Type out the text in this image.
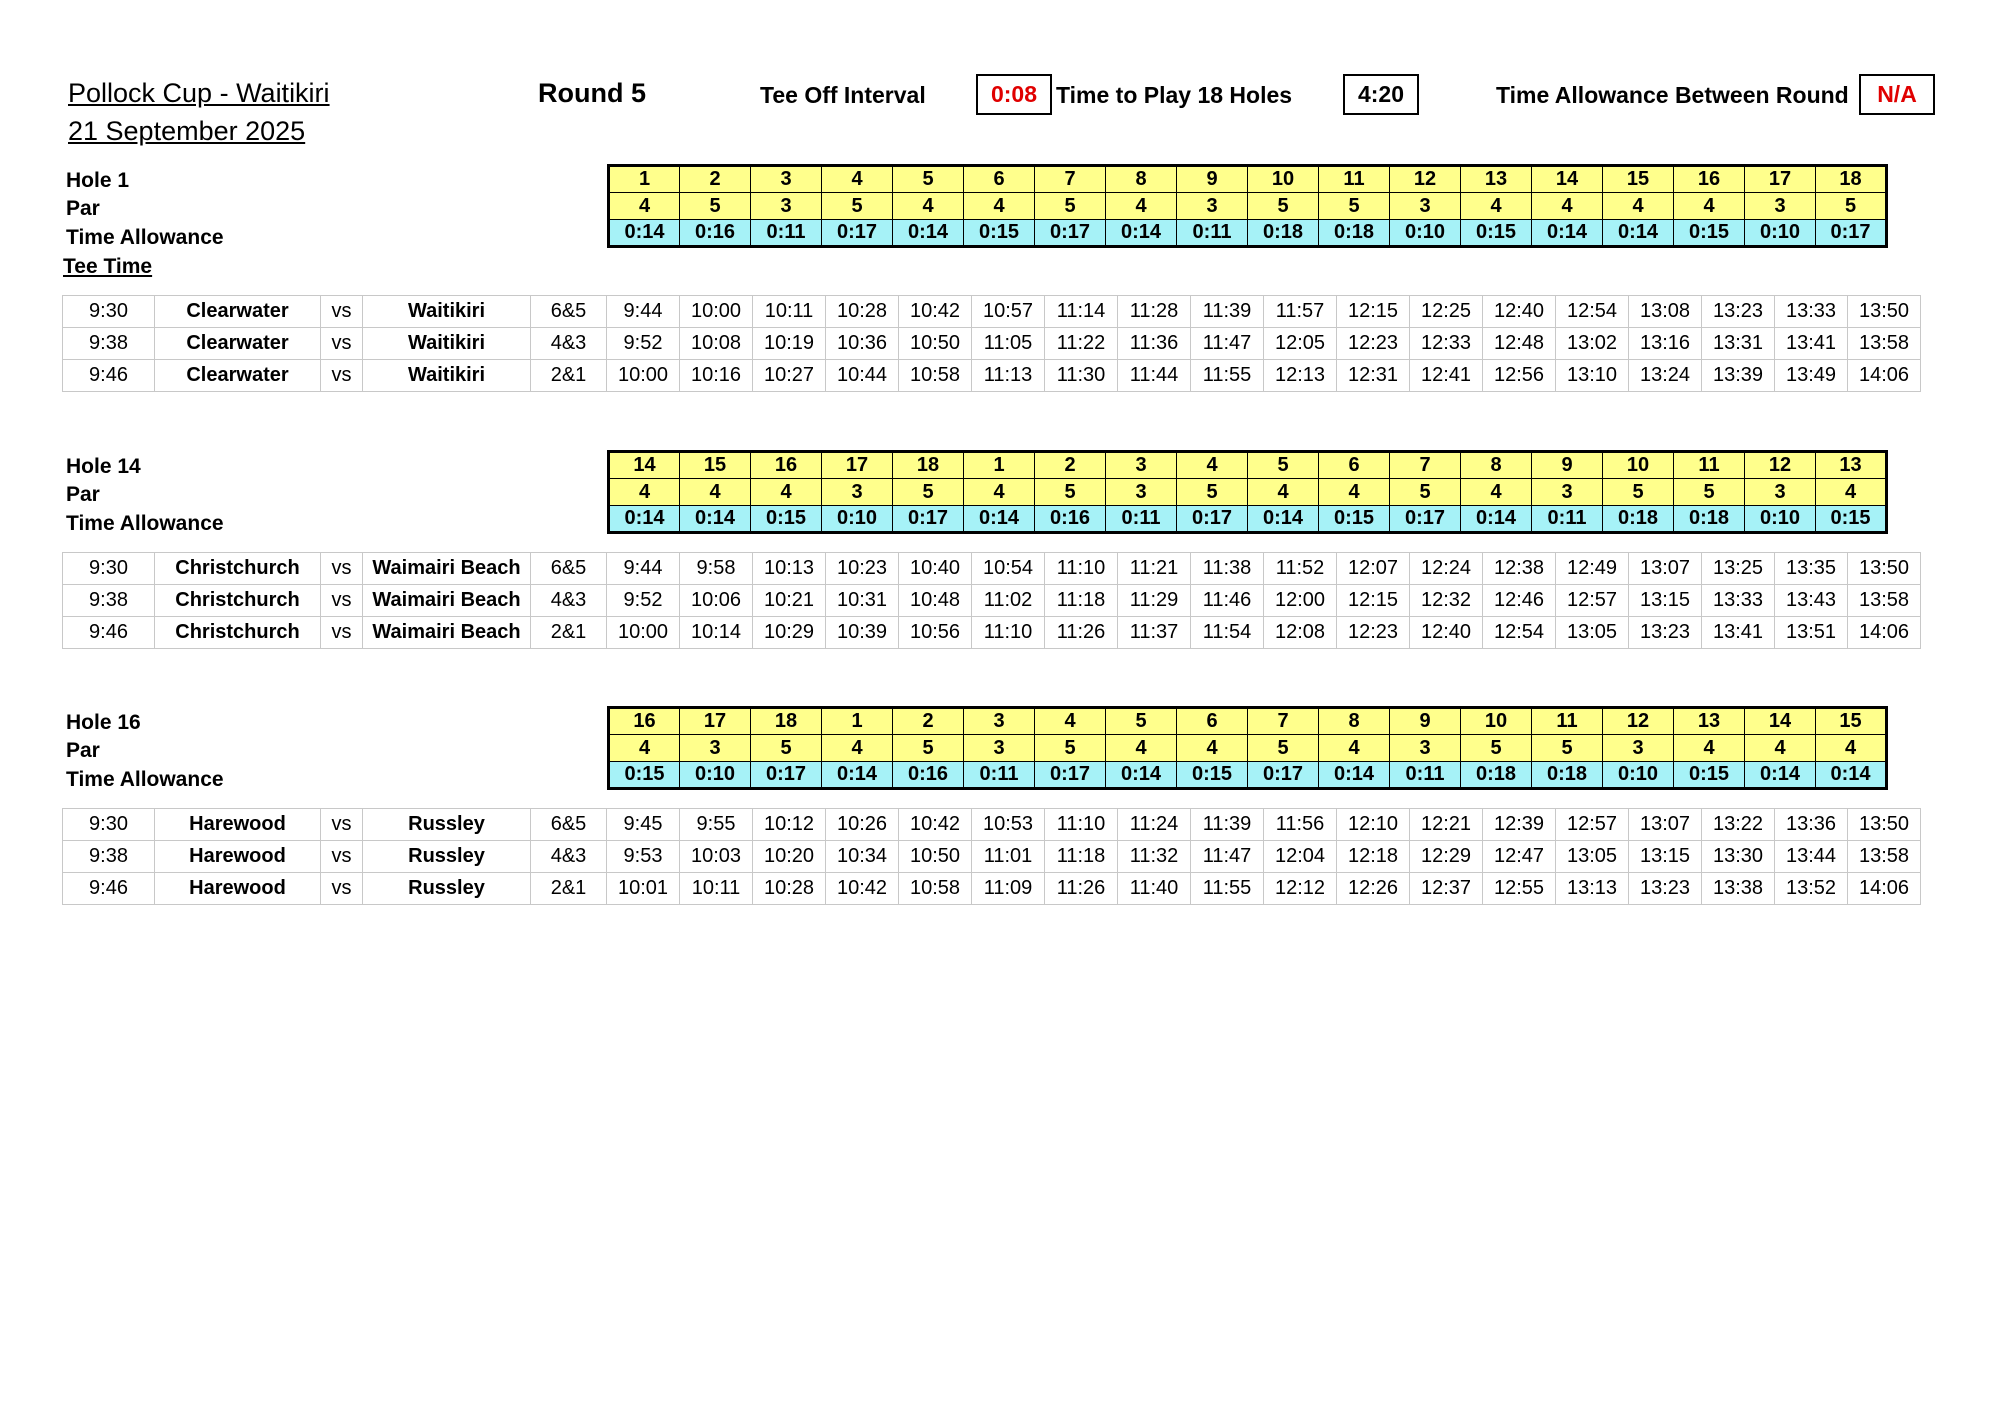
Pollock Cup - Waitikiri
21 September 2025
Round 5	Tee Off Interval	0:08 Time to Play 18 Holes	4:20	Time Allowance Between Round	N/A
Hole 1
Par
Time Allowance
Tee Time
1	2	3	4	5	6	7	8	9	10	11	12	13	14	15	16	17	18
4	5	3	5	4	4	5	4	3	5	5	3	4	4	4	4	3	5
0:14	0:16	0:11	0:17	0:14	0:15	0:17	0:14	0:11	0:18	0:18	0:10	0:15	0:14	0:14	0:15	0:10	0:17
9:30	Clearwater	vs	Waitikiri	6&5	9:44	10:00	10:11	10:28	10:42	10:57	11:14	11:28	11:39	11:57	12:15	12:25	12:40	12:54	13:08	13:23	13:33	13:50
9:38	Clearwater	vs	Waitikiri	4&3	9:52	10:08	10:19	10:36	10:50	11:05	11:22	11:36	11:47	12:05	12:23	12:33	12:48	13:02	13:16	13:31	13:41	13:58
9:46	Clearwater	vs	Waitikiri	2&1	10:00	10:16	10:27	10:44	10:58	11:13	11:30	11:44	11:55	12:13	12:31	12:41	12:56	13:10	13:24	13:39	13:49	14:06
Hole 14
Par
Time Allowance
14	15	16	17	18	1	2	3	4	5	6	7	8	9	10	11	12	13
4	4	4	3	5	4	5	3	5	4	4	5	4	3	5	5	3	4
0:14	0:14	0:15	0:10	0:17	0:14	0:16	0:11	0:17	0:14	0:15	0:17	0:14	0:11	0:18	0:18	0:10	0:15
9:30	Christchurch	vs	Waimairi Beach	6&5	9:44	9:58	10:13	10:23	10:40	10:54	11:10	11:21	11:38	11:52	12:07	12:24	12:38	12:49	13:07	13:25	13:35	13:50
9:38	Christchurch	vs	Waimairi Beach	4&3	9:52	10:06	10:21	10:31	10:48	11:02	11:18	11:29	11:46	12:00	12:15	12:32	12:46	12:57	13:15	13:33	13:43	13:58
9:46	Christchurch	vs	Waimairi Beach	2&1	10:00	10:14	10:29	10:39	10:56	11:10	11:26	11:37	11:54	12:08	12:23	12:40	12:54	13:05	13:23	13:41	13:51	14:06
Hole 16
Par
Time Allowance
16	17	18	1	2	3	4	5	6	7	8	9	10	11	12	13	14	15
4	3	5	4	5	3	5	4	4	5	4	3	5	5	3	4	4	4
0:15	0:10	0:17	0:14	0:16	0:11	0:17	0:14	0:15	0:17	0:14	0:11	0:18	0:18	0:10	0:15	0:14	0:14
9:30	Harewood	vs	Russley	6&5	9:45	9:55	10:12	10:26	10:42	10:53	11:10	11:24	11:39	11:56	12:10	12:21	12:39	12:57	13:07	13:22	13:36	13:50
9:38	Harewood	vs	Russley	4&3	9:53	10:03	10:20	10:34	10:50	11:01	11:18	11:32	11:47	12:04	12:18	12:29	12:47	13:05	13:15	13:30	13:44	13:58
9:46	Harewood	vs	Russley	2&1	10:01	10:11	10:28	10:42	10:58	11:09	11:26	11:40	11:55	12:12	12:26	12:37	12:55	13:13	13:23	13:38	13:52	14:06
